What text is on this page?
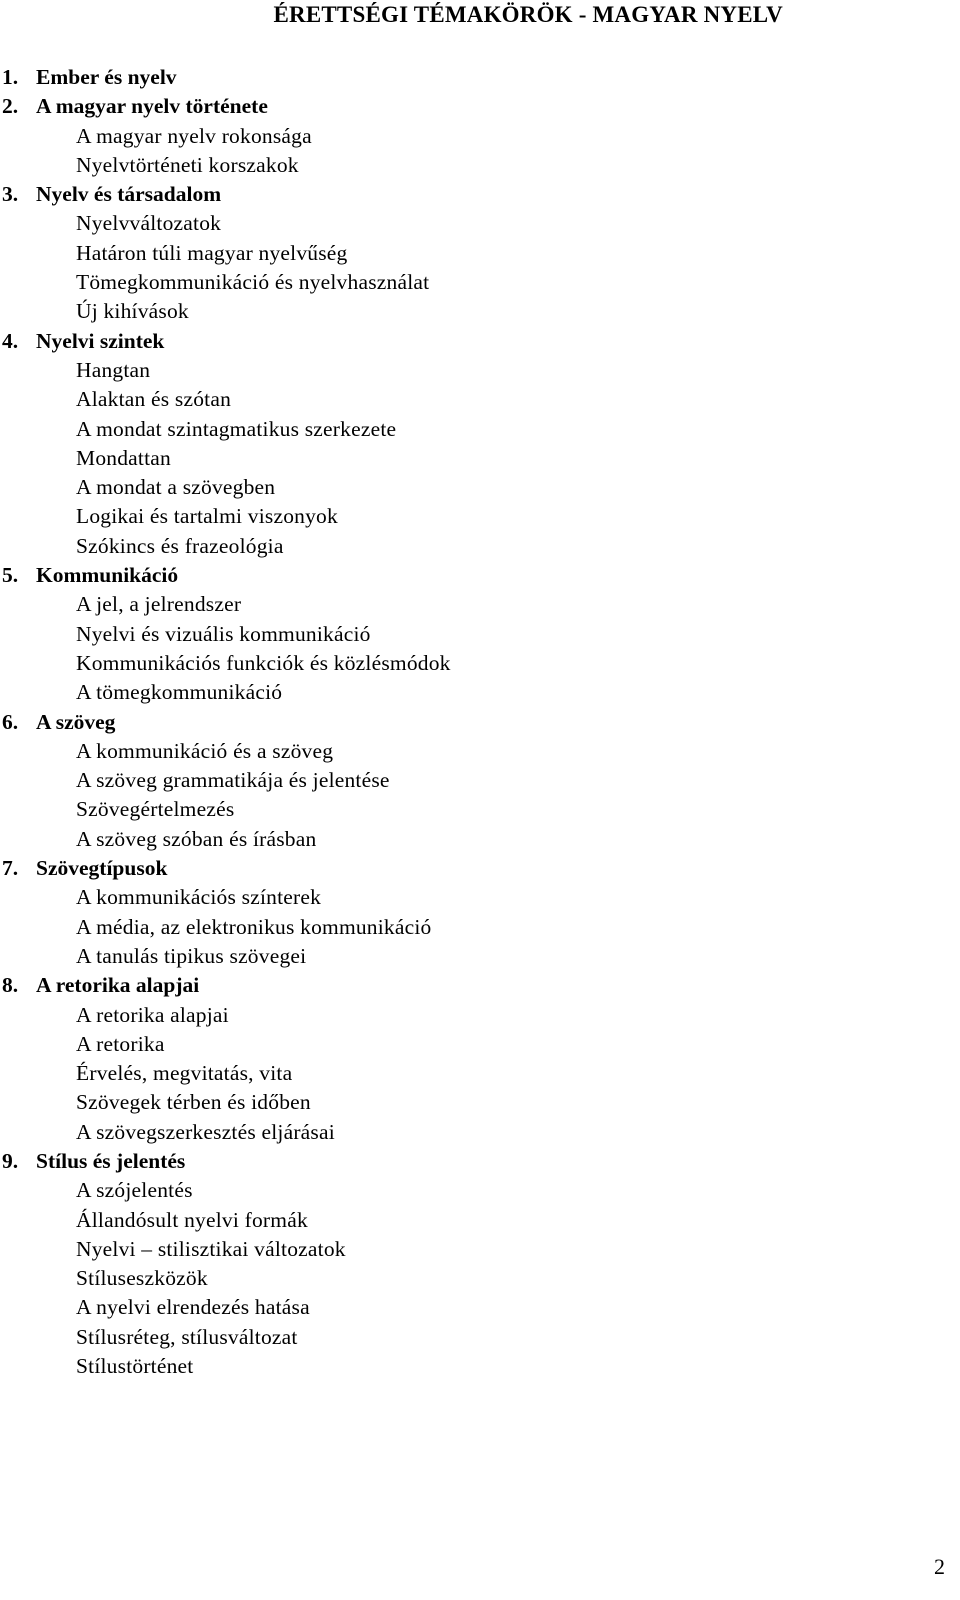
ÉRETTSÉGI TÉMAKÖRÖK - MAGYAR NYELV
1. Ember és nyelv
2. A magyar nyelv története
A magyar nyelv rokonsága
Nyelvtörténeti korszakok
3. Nyelv és társadalom
Nyelvváltozatok
Határon túli magyar nyelvűség
Tömegkommunikáció és nyelvhasználat
Új kihívások
4. Nyelvi szintek
Hangtan
Alaktan és szótan
A mondat szintagmatikus szerkezete
Mondattan
A mondat a szövegben
Logikai és tartalmi viszonyok
Szókincs és frazeológia
5. Kommunikáció
A jel, a jelrendszer
Nyelvi és vizuális kommunikáció
Kommunikációs funkciók és közlésmódok
A tömegkommunikáció
6. A szöveg
A kommunikáció és a szöveg
A szöveg grammatikája és jelentése
Szövegértelmezés
A szöveg szóban és írásban
7. Szövegtípusok
A kommunikációs színterek
A média, az elektronikus kommunikáció
A tanulás tipikus szövegei
8. A retorika alapjai
A retorika alapjai
A retorika
Érvelés, megvitatás, vita
Szövegek térben és időben
A szövegszerkesztés eljárásai
9. Stílus és jelentés
A szójelentés
Állandósult nyelvi formák
Nyelvi – stilisztikai változatok
Stíluseszközök
A nyelvi elrendezés hatása
Stílusréteg, stílusváltozat
Stílustörténet
2
